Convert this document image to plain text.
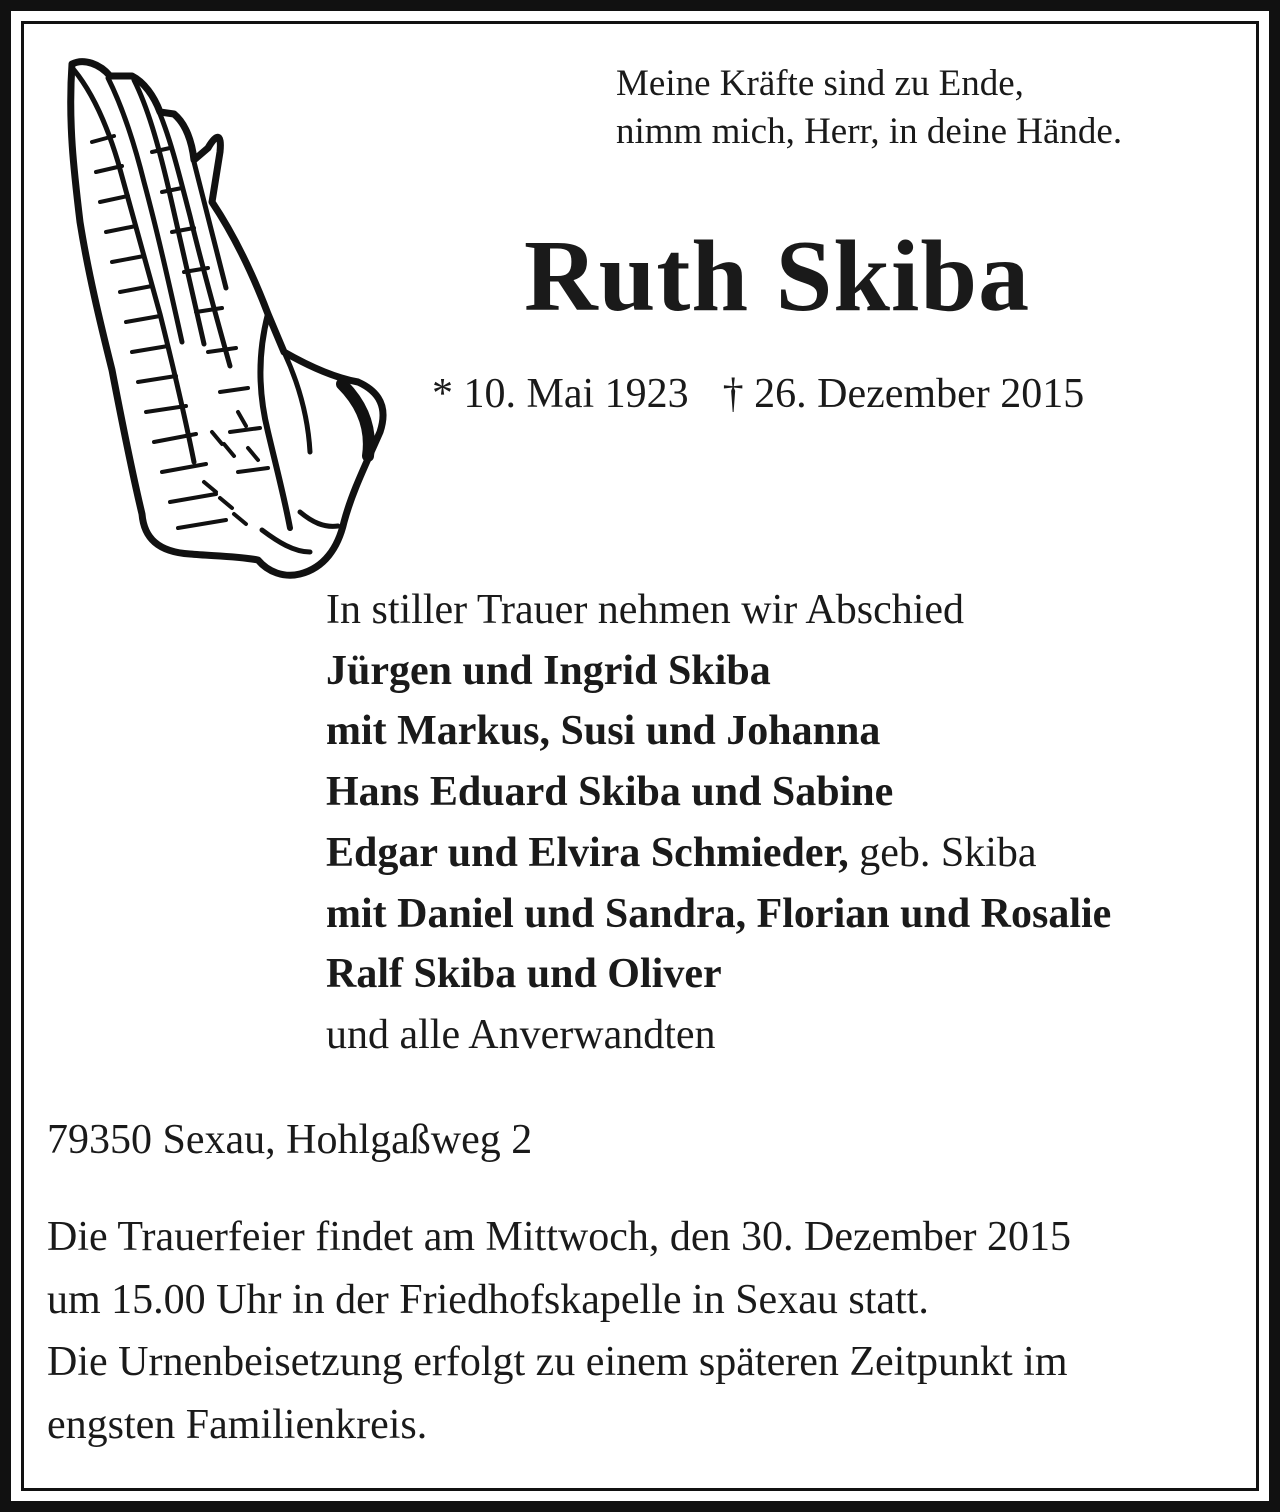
Meine Kräfte sind zu Ende,
nimm mich, Herr, in deine Hände.
Ruth Skiba
* 10. Mai 1923 † 26. Dezember 2015
In stiller Trauer nehmen wir Abschied
Jürgen und Ingrid Skiba
mit Markus, Susi und Johanna
Hans Eduard Skiba und Sabine
Edgar und Elvira Schmieder, geb. Skiba
mit Daniel und Sandra, Florian und Rosalie
Ralf Skiba und Oliver
und alle Anverwandten
79350 Sexau, Hohlgaßweg 2
Die Trauerfeier findet am Mittwoch, den 30. Dezember 2015
um 15.00 Uhr in der Friedhofskapelle in Sexau statt.
Die Urnenbeisetzung erfolgt zu einem späteren Zeitpunkt im
engsten Familienkreis.
